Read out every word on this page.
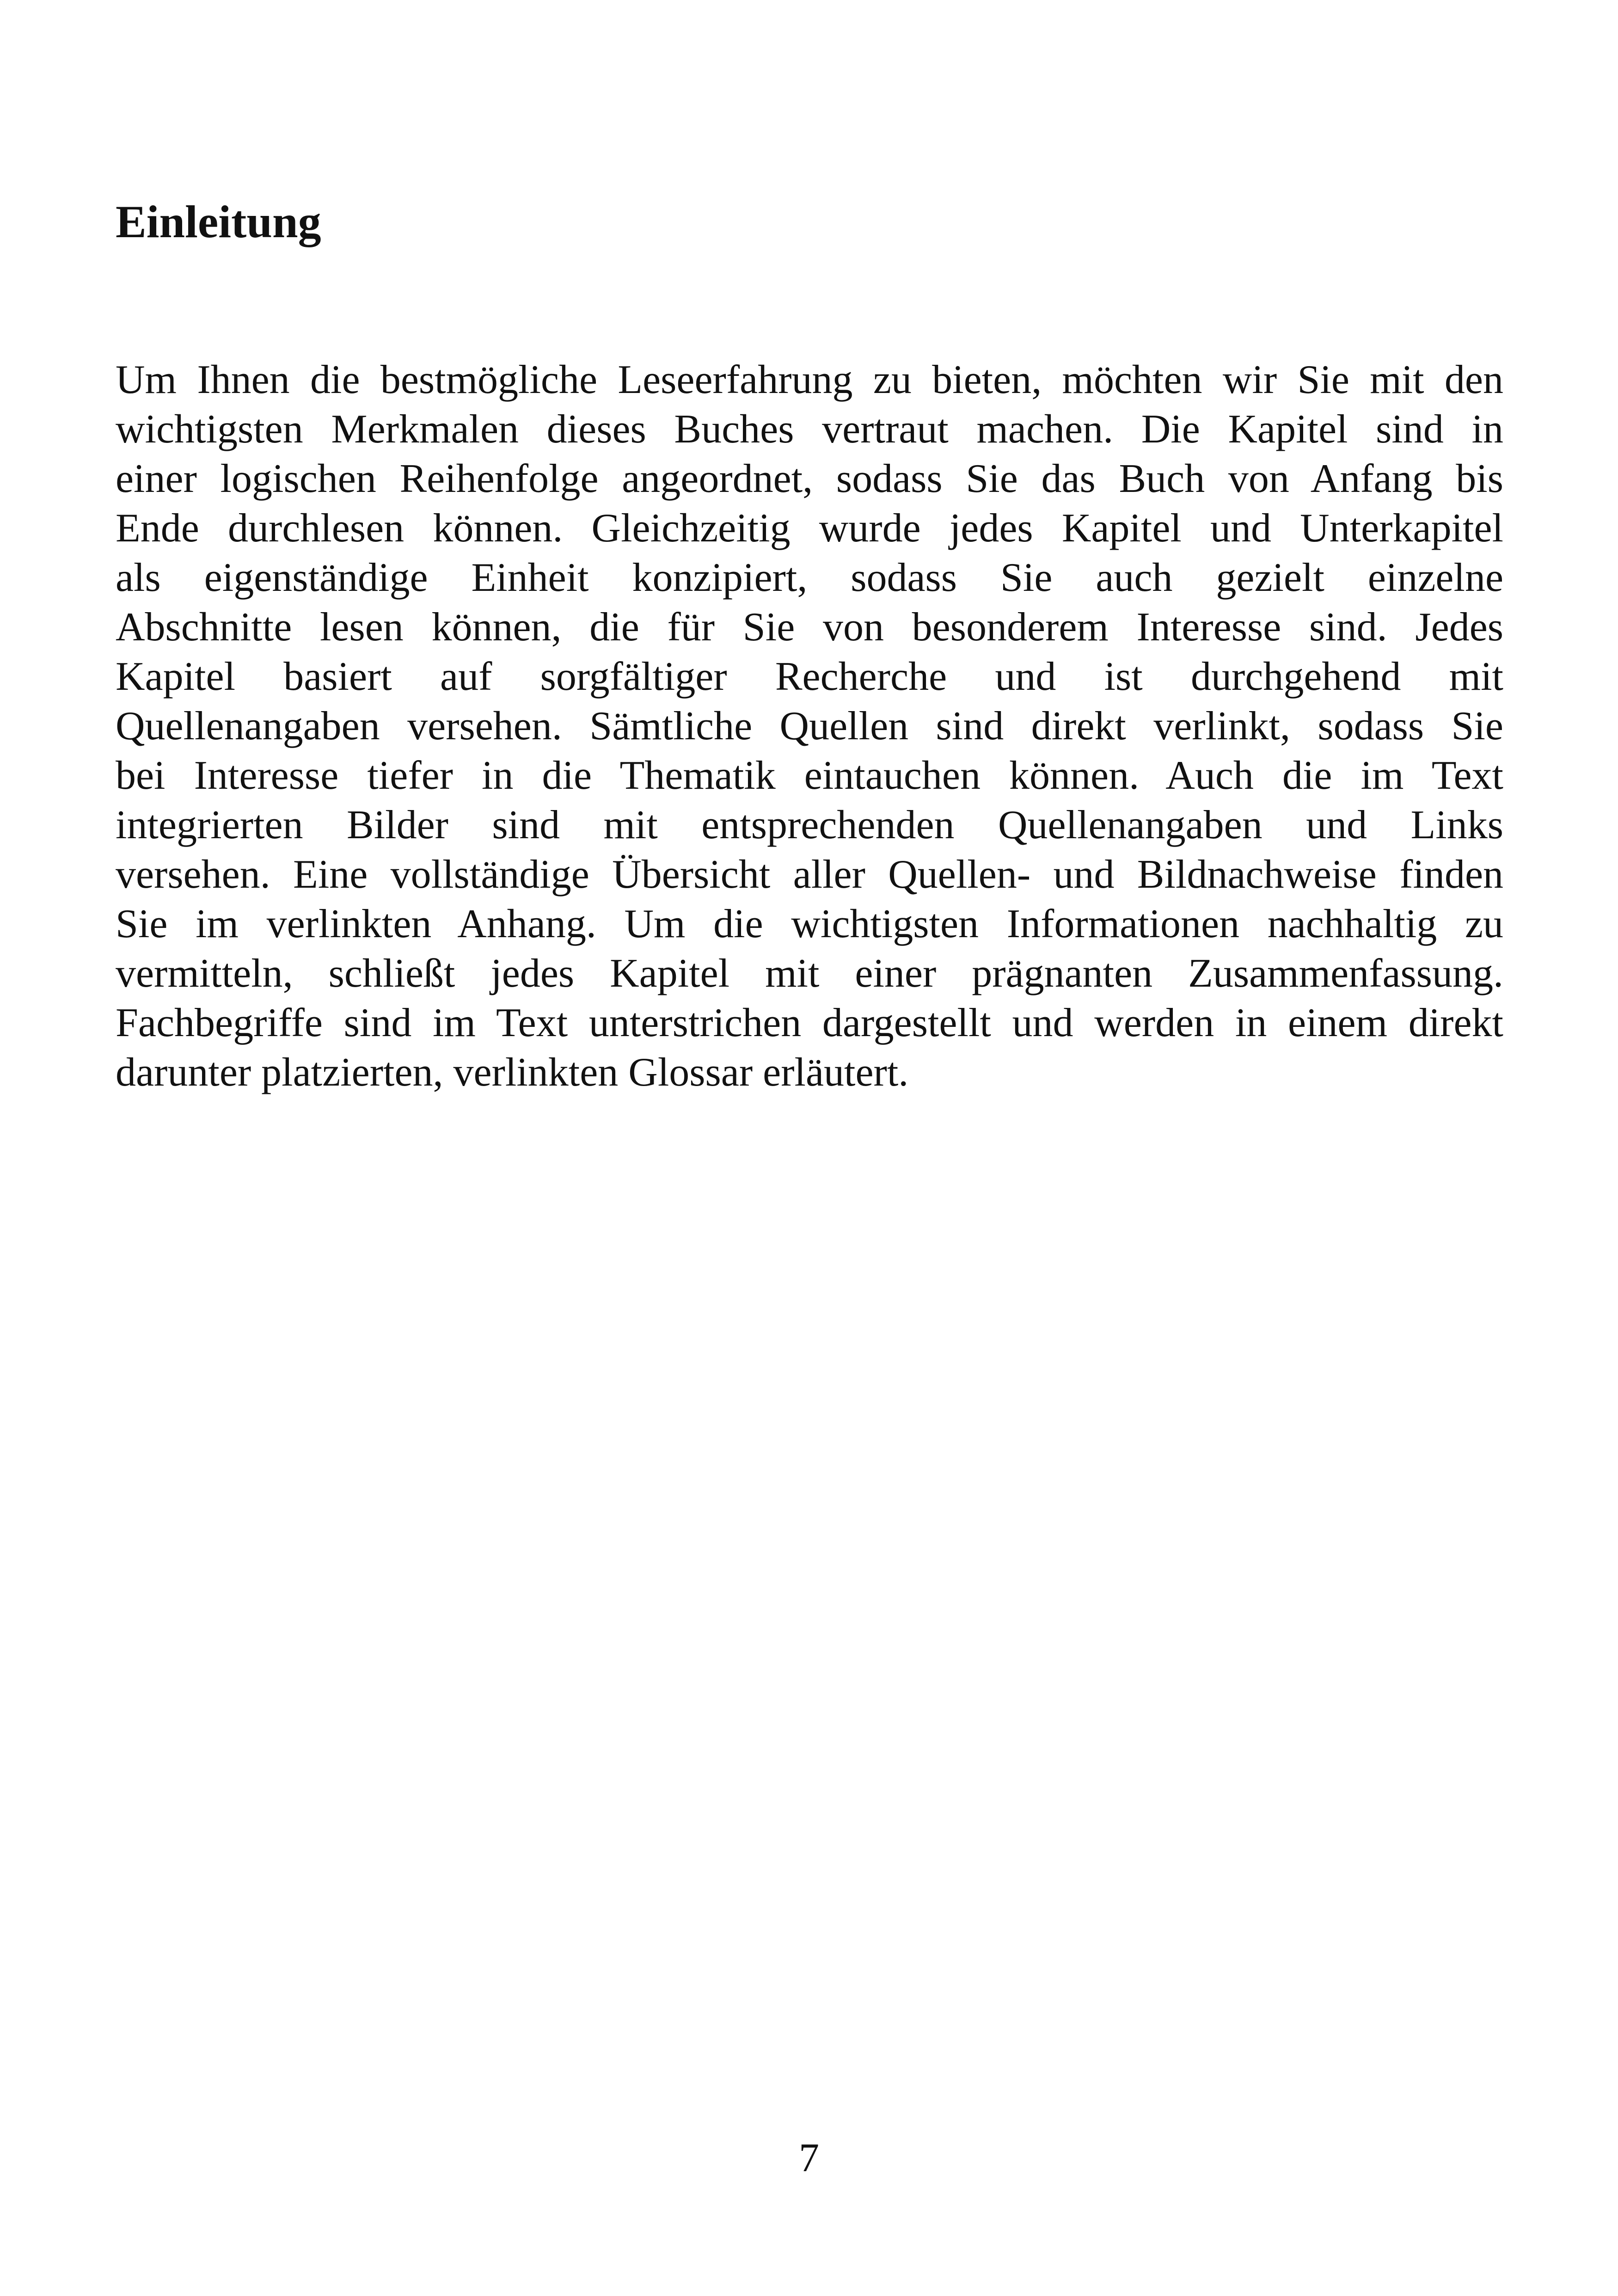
Einleitung
Um Ihnen die bestmögliche Leseerfahrung zu bieten, möchten wir Sie mit den
wichtigsten Merkmalen dieses Buches vertraut machen. Die Kapitel sind in
einer logischen Reihenfolge angeordnet, sodass Sie das Buch von Anfang bis
Ende durchlesen können. Gleichzeitig wurde jedes Kapitel und Unterkapitel
als eigenständige Einheit konzipiert, sodass Sie auch gezielt einzelne
Abschnitte lesen können, die für Sie von besonderem Interesse sind. Jedes
Kapitel basiert auf sorgfältiger Recherche und ist durchgehend mit
Quellenangaben versehen. Sämtliche Quellen sind direkt verlinkt, sodass Sie
bei Interesse tiefer in die Thematik eintauchen können. Auch die im Text
integrierten Bilder sind mit entsprechenden Quellenangaben und Links
versehen. Eine vollständige Übersicht aller Quellen- und Bildnachweise finden
Sie im verlinkten Anhang. Um die wichtigsten Informationen nachhaltig zu
vermitteln, schließt jedes Kapitel mit einer prägnanten Zusammenfassung.
Fachbegriffe sind im Text unterstrichen dargestellt und werden in einem direkt
darunter platzierten, verlinkten Glossar erläutert.
7
